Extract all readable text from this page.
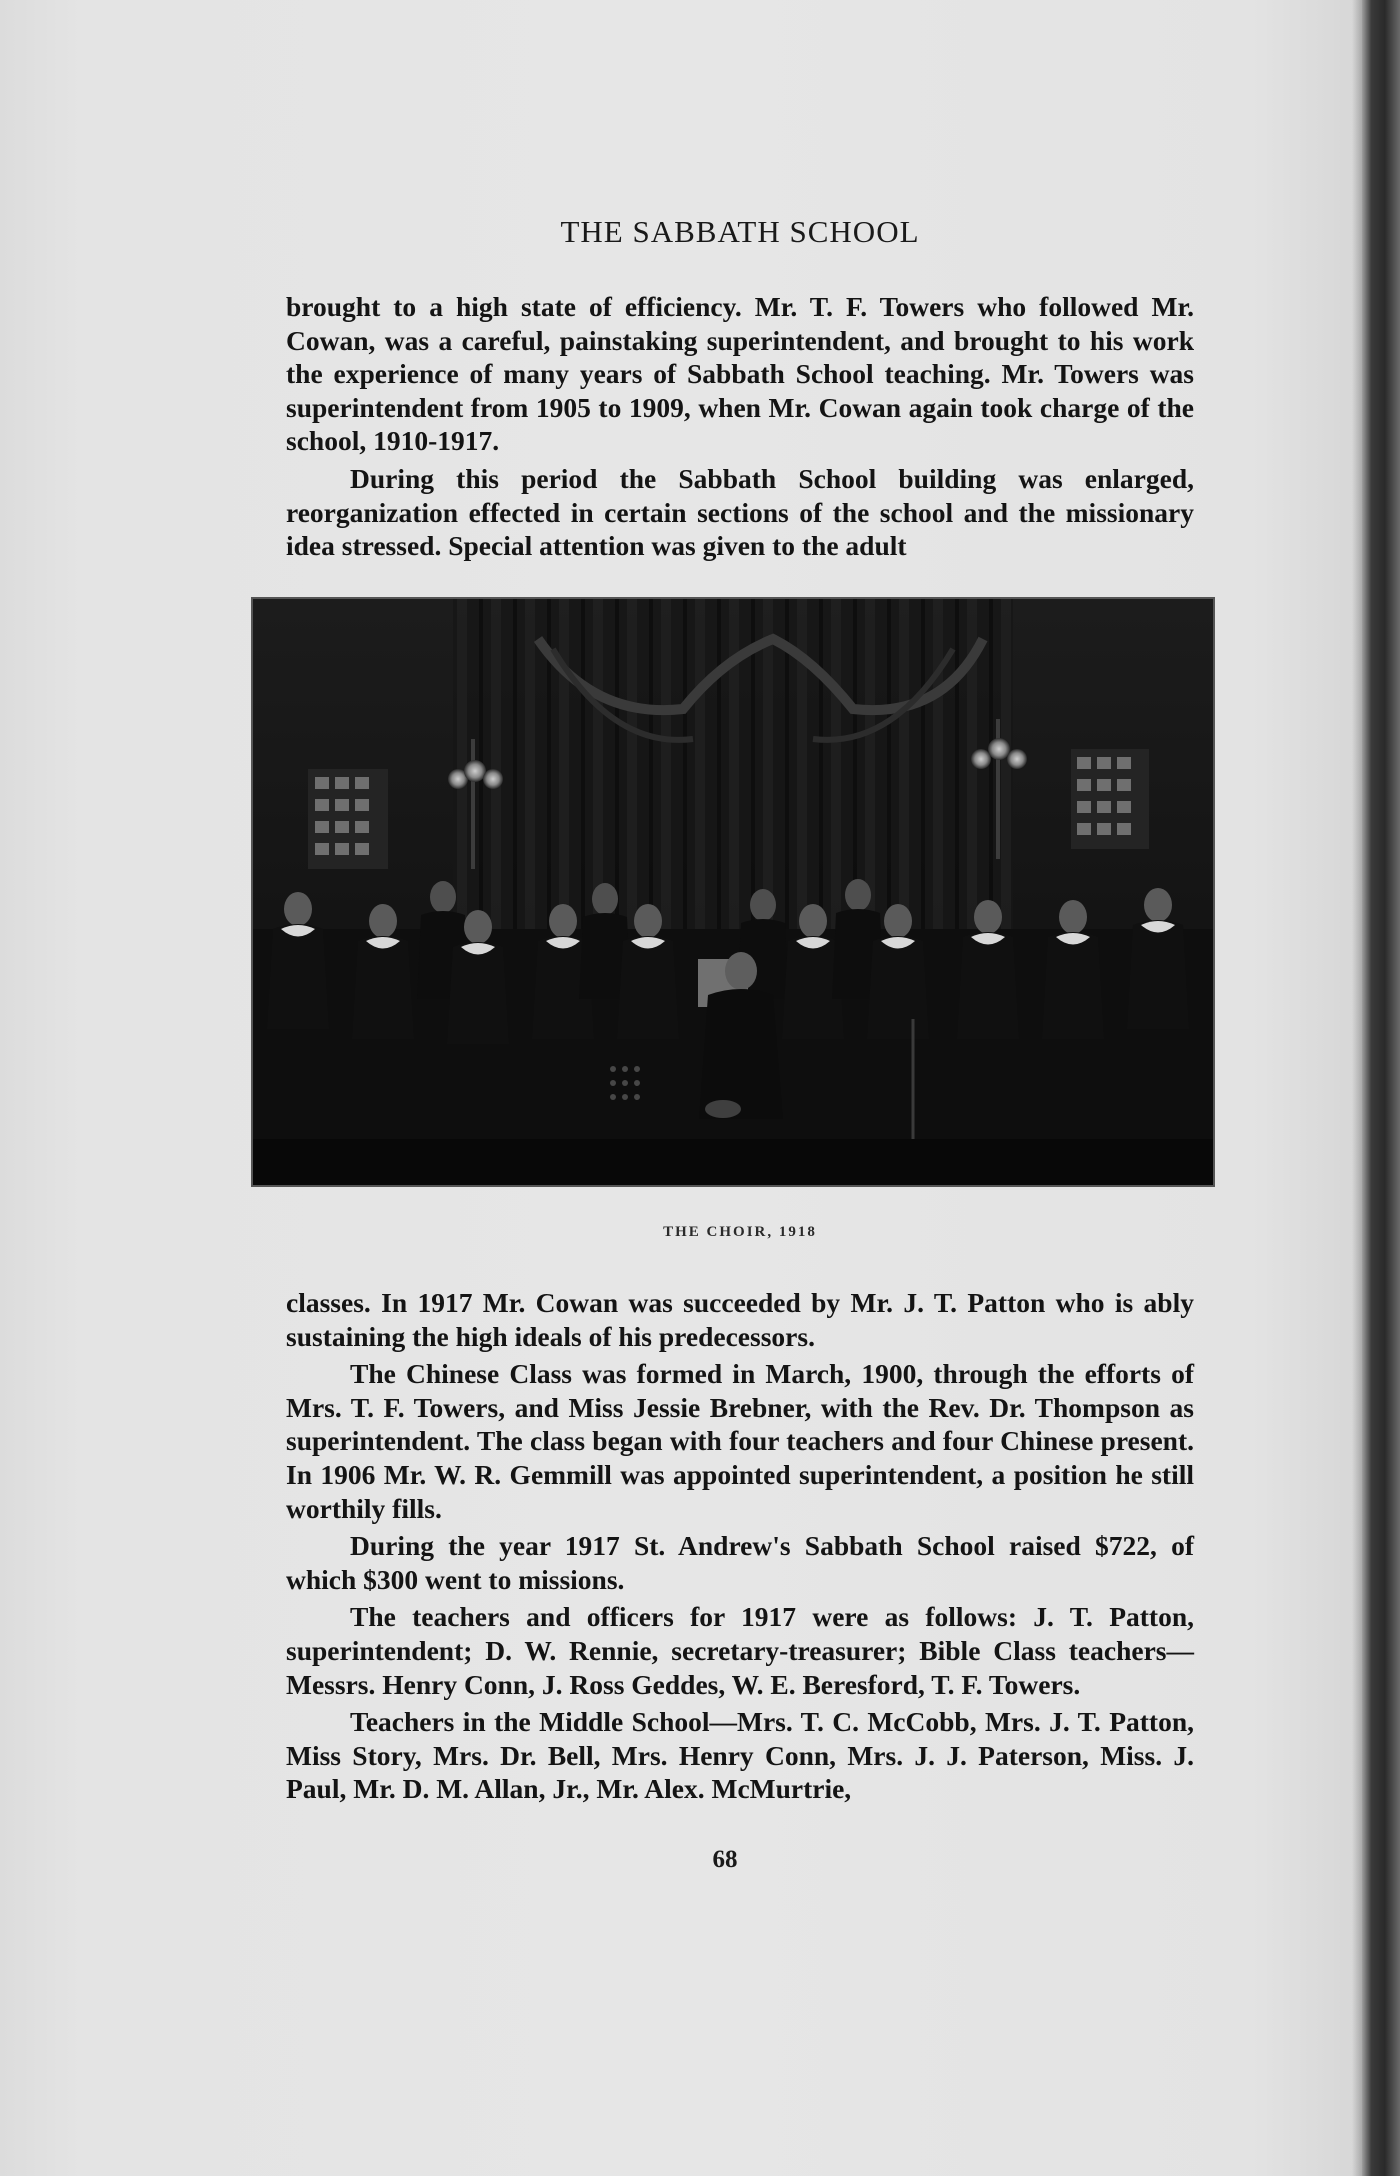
THE SABBATH SCHOOL

brought to a high state of efficiency. Mr. T. F. Towers who followed Mr. Cowan, was a careful, painstaking superintendent, and brought to his work the experience of many years of Sabbath School teaching. Mr. Towers was superintendent from 1905 to 1909, when Mr. Cowan again took charge of the school, 1910-1917.

During this period the Sabbath School building was enlarged, reorganization effected in certain sections of the school and the missionary idea stressed. Special attention was given to the adult

THE CHOIR, 1918

classes. In 1917 Mr. Cowan was succeeded by Mr. J. T. Patton who is ably sustaining the high ideals of his predecessors.

The Chinese Class was formed in March, 1900, through the efforts of Mrs. T. F. Towers, and Miss Jessie Brebner, with the Rev. Dr. Thompson as superintendent. The class began with four teachers and four Chinese present. In 1906 Mr. W. R. Gemmill was appointed superintendent, a position he still worthily fills.

During the year 1917 St. Andrew's Sabbath School raised $722, of which $300 went to missions.

The teachers and officers for 1917 were as follows: J. T. Patton, superintendent; D. W. Rennie, secretary-treasurer; Bible Class teachers—Messrs. Henry Conn, J. Ross Geddes, W. E. Beresford, T. F. Towers.

Teachers in the Middle School—Mrs. T. C. McCobb, Mrs. J. T. Patton, Miss Story, Mrs. Dr. Bell, Mrs. Henry Conn, Mrs. J. J. Paterson, Miss. J. Paul, Mr. D. M. Allan, Jr., Mr. Alex. McMurtrie,

68
